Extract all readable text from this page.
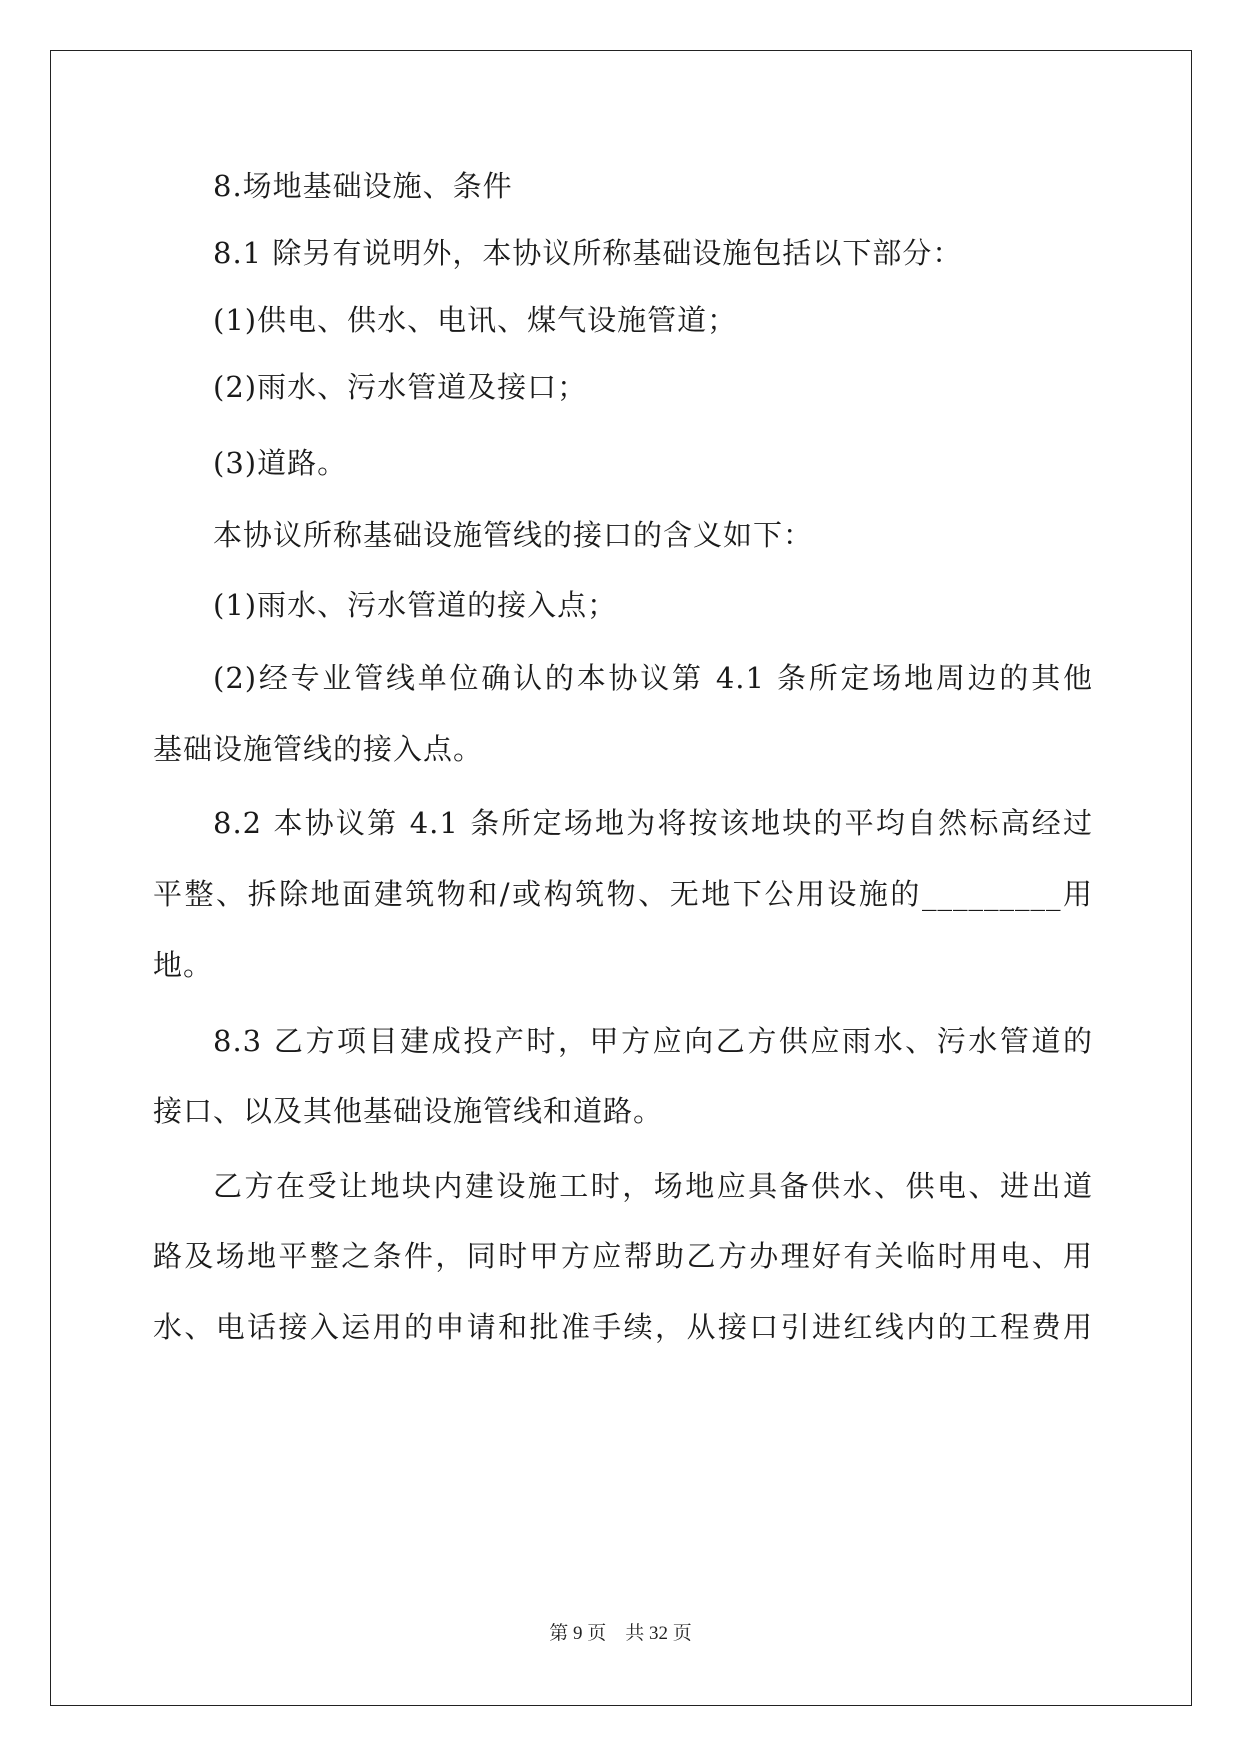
8.场地基础设施、条件
8.1 除另有说明外，本协议所称基础设施包括以下部分：
(1)供电、供水、电讯、煤气设施管道；
(2)雨水、污水管道及接口；
(3)道路。
本协议所称基础设施管线的接口的含义如下：
(1)雨水、污水管道的接入点；
(2)经专业管线单位确认的本协议第 4.1 条所定场地周边的其他
基础设施管线的接入点。
8.2 本协议第 4.1 条所定场地为将按该地块的平均自然标高经过
平整、拆除地面建筑物和/或构筑物、无地下公用设施的_________用
地。
8.3 乙方项目建成投产时，甲方应向乙方供应雨水、污水管道的
接口、以及其他基础设施管线和道路。
乙方在受让地块内建设施工时，场地应具备供水、供电、进出道
路及场地平整之条件，同时甲方应帮助乙方办理好有关临时用电、用
水、电话接入运用的申请和批准手续，从接口引进红线内的工程费用
第 9 页　共 32 页
